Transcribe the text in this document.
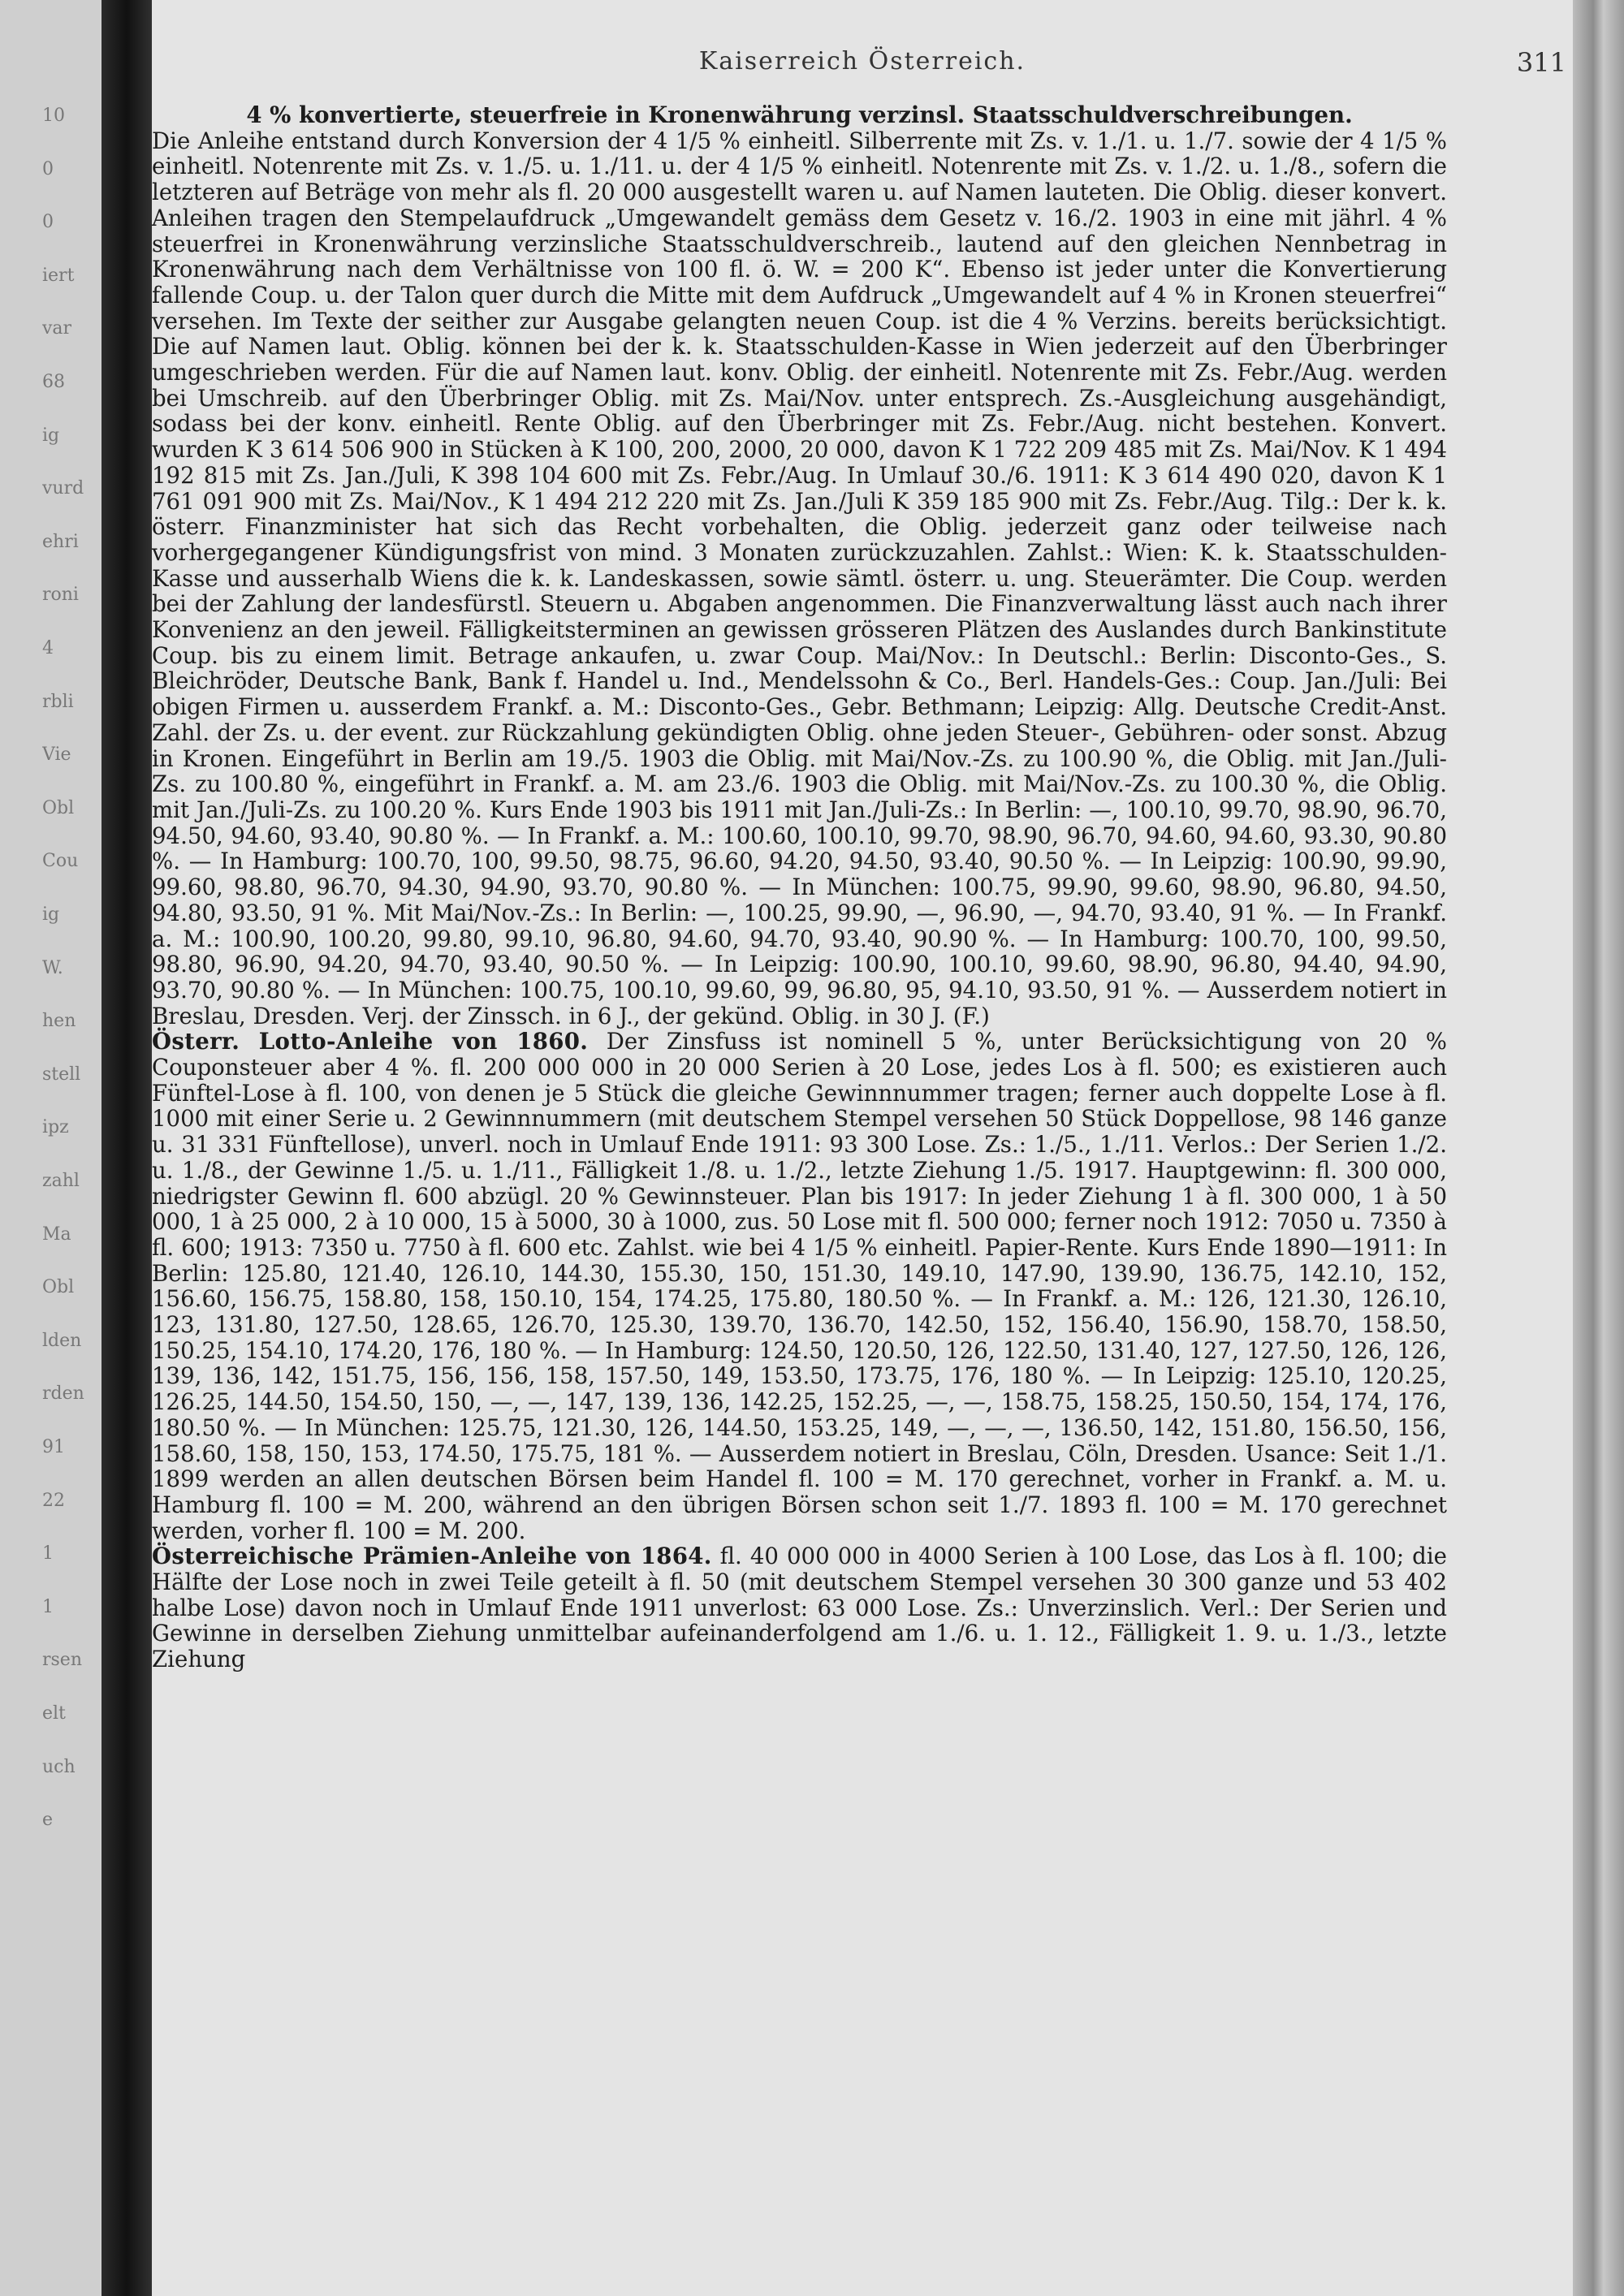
10
0
0
iert
var
68
ig
vurd
ehri
roni
4
rbli
Vie
Obl
Cou
ig
W.
hen
stell
ipz
zahl
Ma
Obl
lden
rden
91
22
1
1
rsen
elt
uch
e
Kaiserreich Österreich.	311
4 % konvertierte, steuerfreie in Kronenwährung verzinsl. Staatsschuldverschreibungen.

Die Anleihe entstand durch Konversion der 4 1/5 % einheitl. Silberrente mit Zs. v. 1./1. u. 1./7. sowie der 4 1/5 % einheitl. Notenrente mit Zs. v. 1./5. u. 1./11. u. der 4 1/5 % einheitl. Notenrente mit Zs. v. 1./2. u. 1./8., sofern die letzteren auf Beträge von mehr als fl. 20 000 ausgestellt waren u. auf Namen lauteten. Die Oblig. dieser konvert. Anleihen tragen den Stempelaufdruck „Umgewandelt gemäss dem Gesetz v. 16./2. 1903 in eine mit jährl. 4 % steuerfrei in Kronenwährung verzinsliche Staatsschuldverschreib., lautend auf den gleichen Nennbetrag in Kronenwährung nach dem Verhältnisse von 100 fl. ö. W. = 200 K“. Ebenso ist jeder unter die Konvertierung fallende Coup. u. der Talon quer durch die Mitte mit dem Aufdruck „Umgewandelt auf 4 % in Kronen steuerfrei“ versehen. Im Texte der seither zur Ausgabe gelangten neuen Coup. ist die 4 % Verzins. bereits berücksichtigt. Die auf Namen laut. Oblig. können bei der k. k. Staatsschulden-Kasse in Wien jederzeit auf den Überbringer umgeschrieben werden. Für die auf Namen laut. konv. Oblig. der einheitl. Notenrente mit Zs. Febr./Aug. werden bei Umschreib. auf den Überbringer Oblig. mit Zs. Mai/Nov. unter entsprech. Zs.-Ausgleichung ausgehändigt, sodass bei der konv. einheitl. Rente Oblig. auf den Überbringer mit Zs. Febr./Aug. nicht bestehen. Konvert. wurden K 3 614 506 900 in Stücken à K 100, 200, 2000, 20 000, davon K 1 722 209 485 mit Zs. Mai/Nov. K 1 494 192 815 mit Zs. Jan./Juli, K 398 104 600 mit Zs. Febr./Aug. In Umlauf 30./6. 1911: K 3 614 490 020, davon K 1 761 091 900 mit Zs. Mai/Nov., K 1 494 212 220 mit Zs. Jan./Juli K 359 185 900 mit Zs. Febr./Aug. Tilg.: Der k. k. österr. Finanzminister hat sich das Recht vorbehalten, die Oblig. jederzeit ganz oder teilweise nach vorhergegangener Kündigungsfrist von mind. 3 Monaten zurückzuzahlen. Zahlst.: Wien: K. k. Staatsschulden-Kasse und ausserhalb Wiens die k. k. Landeskassen, sowie sämtl. österr. u. ung. Steuerämter. Die Coup. werden bei der Zahlung der landesfürstl. Steuern u. Abgaben angenommen. Die Finanzverwaltung lässt auch nach ihrer Konvenienz an den jeweil. Fälligkeitsterminen an gewissen grösseren Plätzen des Auslandes durch Bankinstitute Coup. bis zu einem limit. Betrage ankaufen, u. zwar Coup. Mai/Nov.: In Deutschl.: Berlin: Disconto-Ges., S. Bleichröder, Deutsche Bank, Bank f. Handel u. Ind., Mendelssohn & Co., Berl. Handels-Ges.: Coup. Jan./Juli: Bei obigen Firmen u. ausserdem Frankf. a. M.: Disconto-Ges., Gebr. Bethmann; Leipzig: Allg. Deutsche Credit-Anst. Zahl. der Zs. u. der event. zur Rückzahlung gekündigten Oblig. ohne jeden Steuer-, Gebühren- oder sonst. Abzug in Kronen. Eingeführt in Berlin am 19./5. 1903 die Oblig. mit Mai/Nov.-Zs. zu 100.90 %, die Oblig. mit Jan./Juli-Zs. zu 100.80 %, eingeführt in Frankf. a. M. am 23./6. 1903 die Oblig. mit Mai/Nov.-Zs. zu 100.30 %, die Oblig. mit Jan./Juli-Zs. zu 100.20 %. Kurs Ende 1903 bis 1911 mit Jan./Juli-Zs.: In Berlin: —, 100.10, 99.70, 98.90, 96.70, 94.50, 94.60, 93.40, 90.80 %. — In Frankf. a. M.: 100.60, 100.10, 99.70, 98.90, 96.70, 94.60, 94.60, 93.30, 90.80 %. — In Hamburg: 100.70, 100, 99.50, 98.75, 96.60, 94.20, 94.50, 93.40, 90.50 %. — In Leipzig: 100.90, 99.90, 99.60, 98.80, 96.70, 94.30, 94.90, 93.70, 90.80 %. — In München: 100.75, 99.90, 99.60, 98.90, 96.80, 94.50, 94.80, 93.50, 91 %. Mit Mai/Nov.-Zs.: In Berlin: —, 100.25, 99.90, —, 96.90, —, 94.70, 93.40, 91 %. — In Frankf. a. M.: 100.90, 100.20, 99.80, 99.10, 96.80, 94.60, 94.70, 93.40, 90.90 %. — In Hamburg: 100.70, 100, 99.50, 98.80, 96.90, 94.20, 94.70, 93.40, 90.50 %. — In Leipzig: 100.90, 100.10, 99.60, 98.90, 96.80, 94.40, 94.90, 93.70, 90.80 %. — In München: 100.75, 100.10, 99.60, 99, 96.80, 95, 94.10, 93.50, 91 %. — Ausserdem notiert in Breslau, Dresden. Verj. der Zinssch. in 6 J., der gekünd. Oblig. in 30 J. (F.)

Österr. Lotto-Anleihe von 1860. Der Zinsfuss ist nominell 5 %, unter Berücksichtigung von 20 % Couponsteuer aber 4 %. fl. 200 000 000 in 20 000 Serien à 20 Lose, jedes Los à fl. 500; es existieren auch Fünftel-Lose à fl. 100, von denen je 5 Stück die gleiche Gewinnnummer tragen; ferner auch doppelte Lose à fl. 1000 mit einer Serie u. 2 Gewinnnummern (mit deutschem Stempel versehen 50 Stück Doppellose, 98 146 ganze u. 31 331 Fünftellose), unverl. noch in Umlauf Ende 1911: 93 300 Lose. Zs.: 1./5., 1./11. Verlos.: Der Serien 1./2. u. 1./8., der Gewinne 1./5. u. 1./11., Fälligkeit 1./8. u. 1./2., letzte Ziehung 1./5. 1917. Hauptgewinn: fl. 300 000, niedrigster Gewinn fl. 600 abzügl. 20 % Gewinnsteuer. Plan bis 1917: In jeder Ziehung 1 à fl. 300 000, 1 à 50 000, 1 à 25 000, 2 à 10 000, 15 à 5000, 30 à 1000, zus. 50 Lose mit fl. 500 000; ferner noch 1912: 7050 u. 7350 à fl. 600; 1913: 7350 u. 7750 à fl. 600 etc. Zahlst. wie bei 4 1/5 % einheitl. Papier-Rente. Kurs Ende 1890—1911: In Berlin: 125.80, 121.40, 126.10, 144.30, 155.30, 150, 151.30, 149.10, 147.90, 139.90, 136.75, 142.10, 152, 156.60, 156.75, 158.80, 158, 150.10, 154, 174.25, 175.80, 180.50 %. — In Frankf. a. M.: 126, 121.30, 126.10, 123, 131.80, 127.50, 128.65, 126.70, 125.30, 139.70, 136.70, 142.50, 152, 156.40, 156.90, 158.70, 158.50, 150.25, 154.10, 174.20, 176, 180 %. — In Hamburg: 124.50, 120.50, 126, 122.50, 131.40, 127, 127.50, 126, 126, 139, 136, 142, 151.75, 156, 156, 158, 157.50, 149, 153.50, 173.75, 176, 180 %. — In Leipzig: 125.10, 120.25, 126.25, 144.50, 154.50, 150, —, —, 147, 139, 136, 142.25, 152.25, —, —, 158.75, 158.25, 150.50, 154, 174, 176, 180.50 %. — In München: 125.75, 121.30, 126, 144.50, 153.25, 149, —, —, —, 136.50, 142, 151.80, 156.50, 156, 158.60, 158, 150, 153, 174.50, 175.75, 181 %. — Ausserdem notiert in Breslau, Cöln, Dresden. Usance: Seit 1./1. 1899 werden an allen deutschen Börsen beim Handel fl. 100 = M. 170 gerechnet, vorher in Frankf. a. M. u. Hamburg fl. 100 = M. 200, während an den übrigen Börsen schon seit 1./7. 1893 fl. 100 = M. 170 gerechnet werden, vorher fl. 100 = M. 200.

Österreichische Prämien-Anleihe von 1864. fl. 40 000 000 in 4000 Serien à 100 Lose, das Los à fl. 100; die Hälfte der Lose noch in zwei Teile geteilt à fl. 50 (mit deutschem Stempel versehen 30 300 ganze und 53 402 halbe Lose) davon noch in Umlauf Ende 1911 unverlost: 63 000 Lose. Zs.: Unverzinslich. Verl.: Der Serien und Gewinne in derselben Ziehung unmittelbar aufeinanderfolgend am 1./6. u. 1. 12., Fälligkeit 1. 9. u. 1./3., letzte Ziehung
